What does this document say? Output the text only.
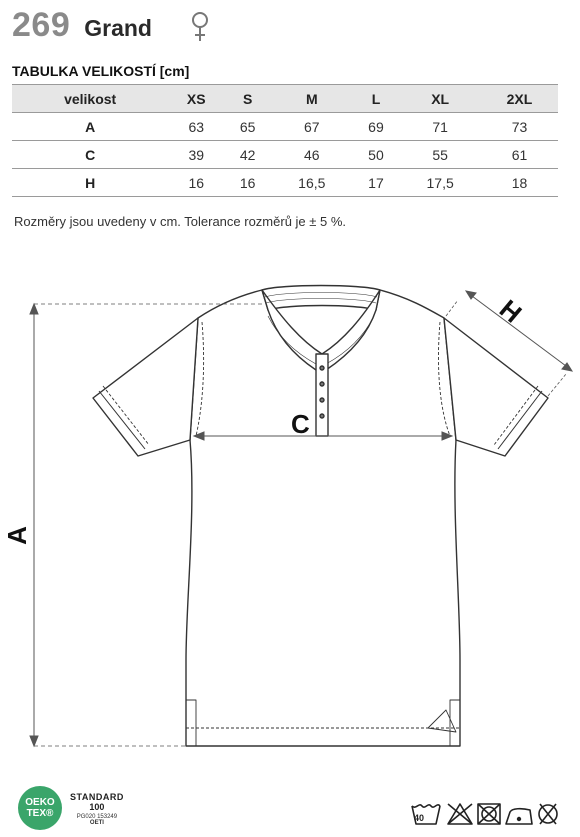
269 Grand
TABULKA VELIKOSTÍ [cm]
velikost	XS	S	M	L	XL	2XL
A	63	65	67	69	71	73
C	39	42	46	50	55	61
H	16	16	16,5	17	17,5	18
Rozměry jsou uvedeny v cm. Tolerance rozměrů je ± 5 %.
A
C
H
OEKO
TEX®
STANDARD
100
PG020 153249
OETI	40
